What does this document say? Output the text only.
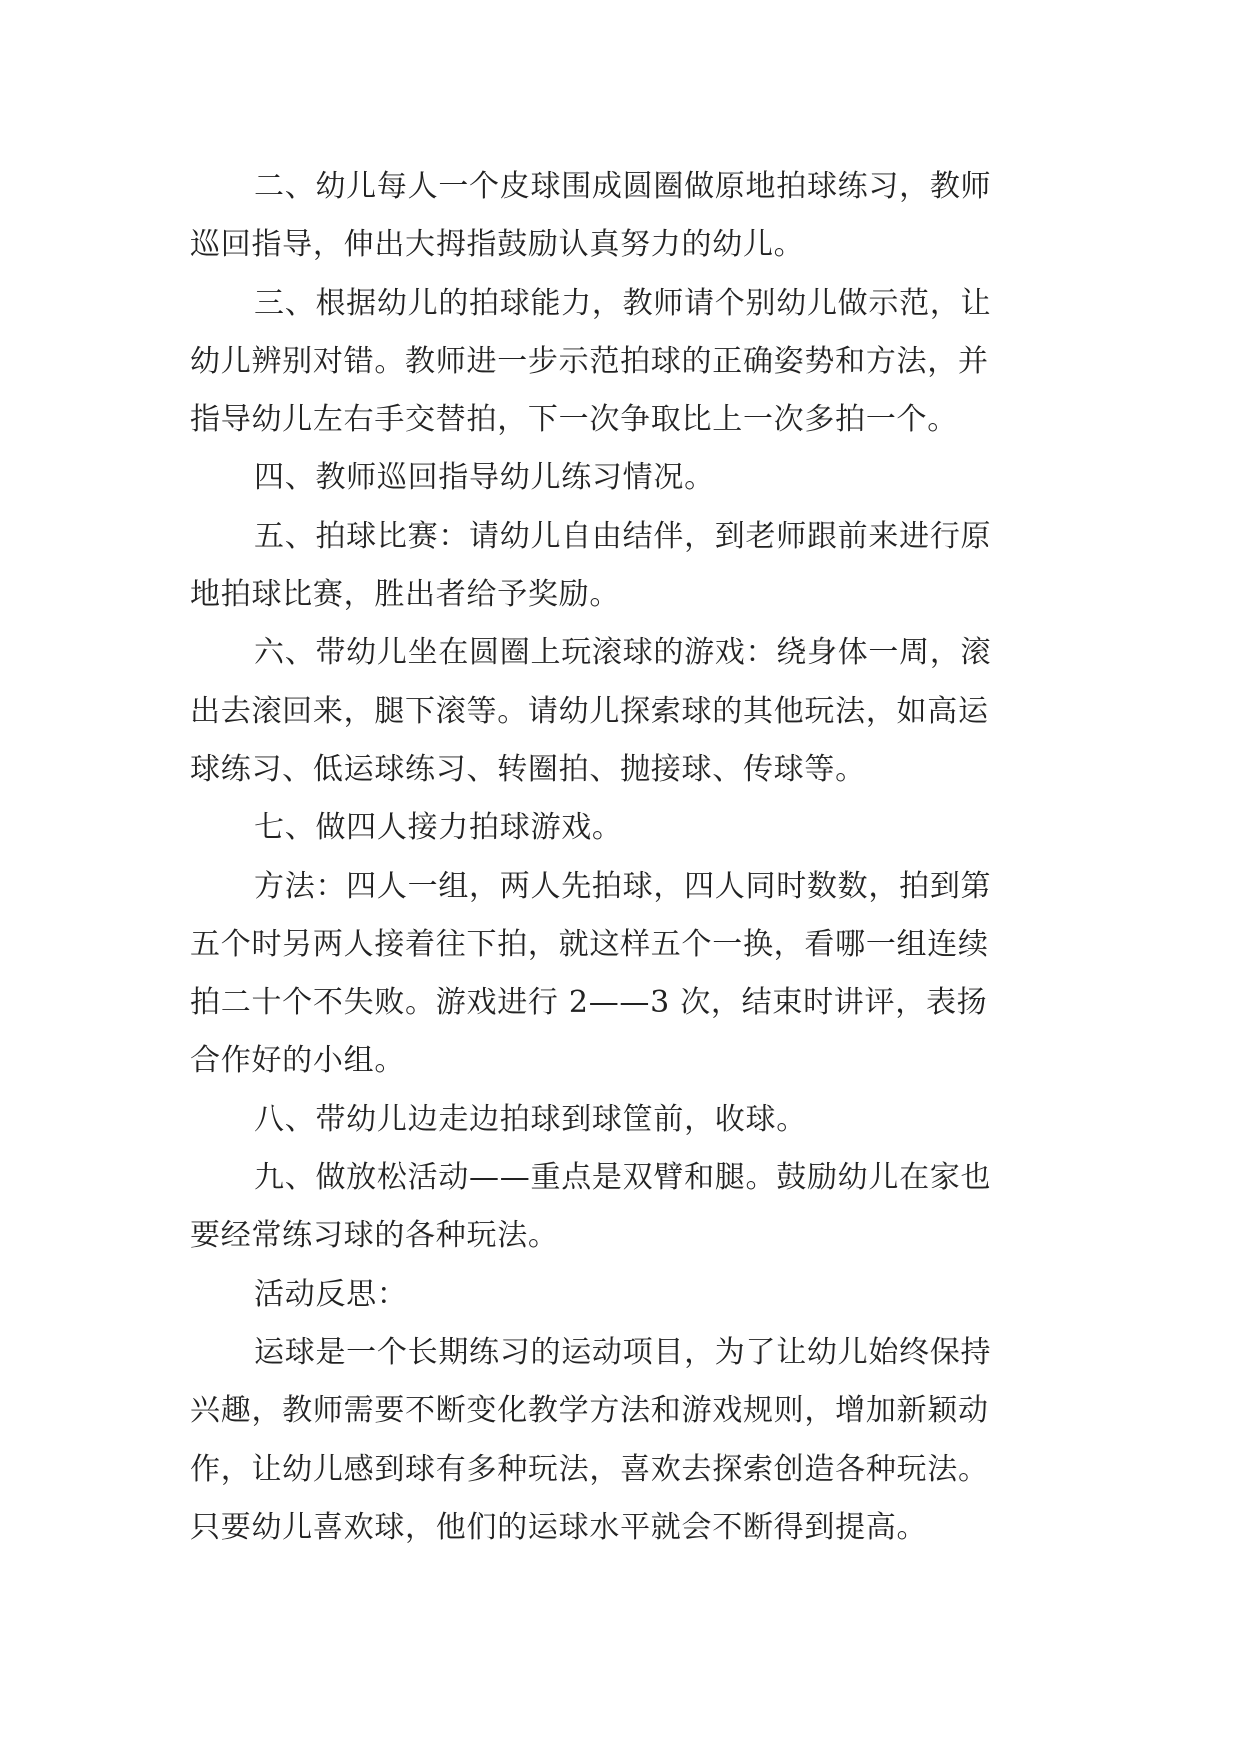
二、幼儿每人一个皮球围成圆圈做原地拍球练习，教师
巡回指导，伸出大拇指鼓励认真努力的幼儿。
三、根据幼儿的拍球能力，教师请个别幼儿做示范，让
幼儿辨别对错。教师进一步示范拍球的正确姿势和方法，并
指导幼儿左右手交替拍，下一次争取比上一次多拍一个。
四、教师巡回指导幼儿练习情况。
五、拍球比赛：请幼儿自由结伴，到老师跟前来进行原
地拍球比赛，胜出者给予奖励。
六、带幼儿坐在圆圈上玩滚球的游戏：绕身体一周，滚
出去滚回来，腿下滚等。请幼儿探索球的其他玩法，如高运
球练习、低运球练习、转圈拍、抛接球、传球等。
七、做四人接力拍球游戏。
方法：四人一组，两人先拍球，四人同时数数，拍到第
五个时另两人接着往下拍，就这样五个一换，看哪一组连续
拍二十个不失败。游戏进行 2——3 次，结束时讲评，表扬
合作好的小组。
八、带幼儿边走边拍球到球筐前，收球。
九、做放松活动——重点是双臂和腿。鼓励幼儿在家也
要经常练习球的各种玩法。
活动反思：
运球是一个长期练习的运动项目，为了让幼儿始终保持
兴趣，教师需要不断变化教学方法和游戏规则，增加新颖动
作，让幼儿感到球有多种玩法，喜欢去探索创造各种玩法。
只要幼儿喜欢球，他们的运球水平就会不断得到提高。
